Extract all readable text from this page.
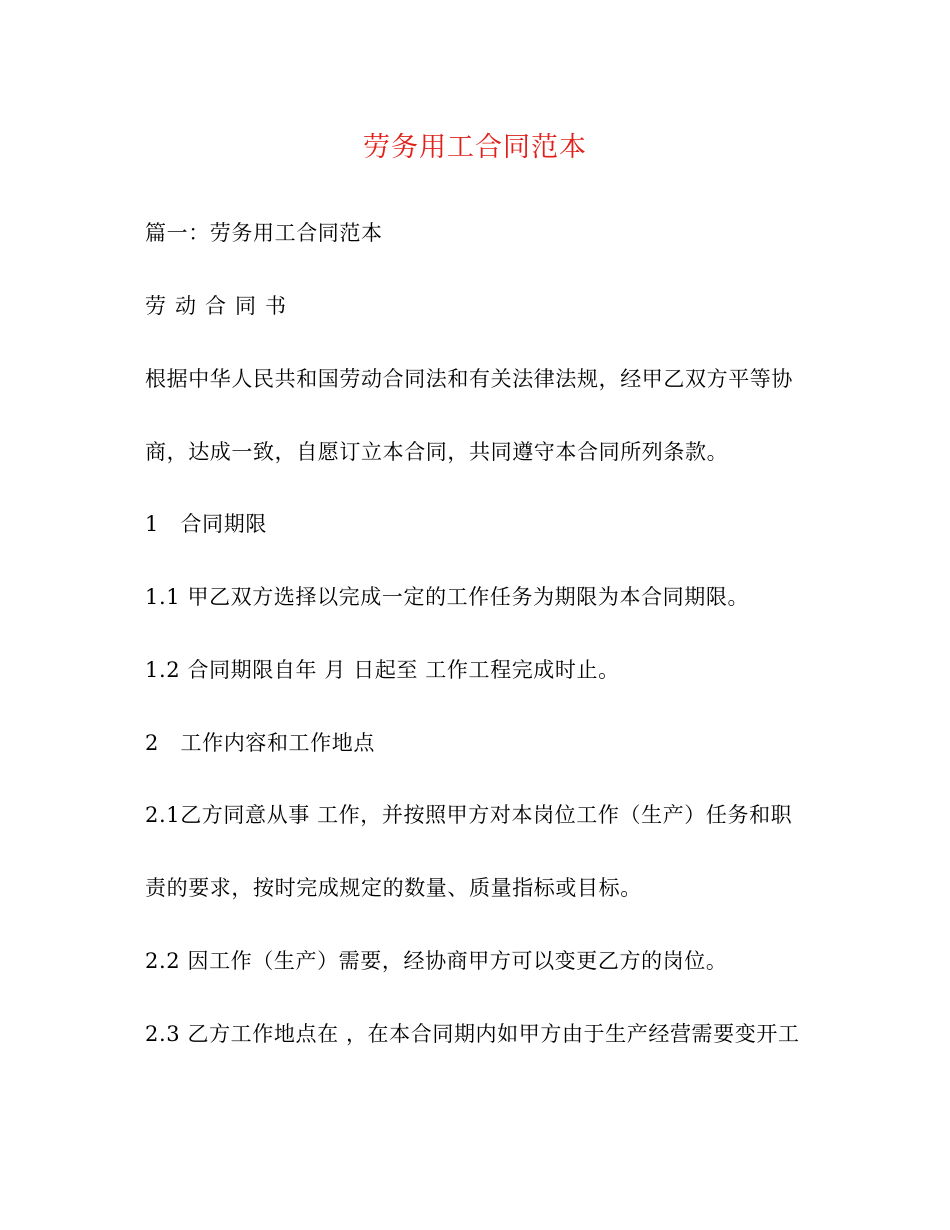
劳务用工合同范本
篇一：劳务用工合同范本
劳动合同书
根据中华人民共和国劳动合同法和有关法律法规，经甲乙双方平等协
商，达成一致，自愿订立本合同，共同遵守本合同所列条款。
1　合同期限
1.1 甲乙双方选择以完成一定的工作任务为期限为本合同期限。
1.2 合同期限自年 月 日起至 工作工程完成时止。
2　工作内容和工作地点
2.1乙方同意从事 工作，并按照甲方对本岗位工作（生产）任务和职
责的要求，按时完成规定的数量、质量指标或目标。
2.2 因工作（生产）需要，经协商甲方可以变更乙方的岗位。
2.3 乙方工作地点在 ，在本合同期内如甲方由于生产经营需要变开工
